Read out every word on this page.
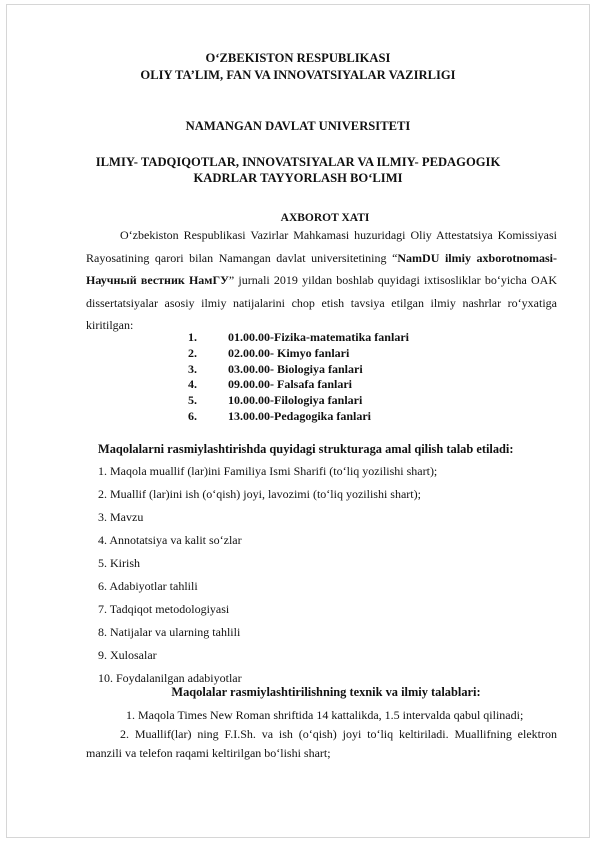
O‘ZBEKISTON RESPUBLIKASI
OLIY TA’LIM, FAN VA INNOVATSIYALAR VAZIRLIGI
NAMANGAN DAVLAT UNIVERSITETI
ILMIY- TADQIQOTLAR, INNOVATSIYALAR VA ILMIY- PEDAGOGIK
KADRLAR TAYYORLASH BO‘LIMI
AXBOROT XATI

O‘zbekiston Respublikasi Vazirlar Mahkamasi huzuridagi Oliy Attestatsiya Komissiyasi Rayosatining qarori bilan Namangan davlat universitetining “NamDU ilmiy axborotnomasi- Научный вестник НамГУ” jurnali 2019 yildan boshlab quyidagi ixtisosliklar bo‘yicha OAK dissertatsiyalar asosiy ilmiy natijalarini chop etish tavsiya etilgan ilmiy nashrlar ro‘yxatiga kiritilgan:

1.	01.00.00-Fizika-matematika fanlari
2.	02.00.00- Kimyo fanlari
3.	03.00.00- Biologiya fanlari
4.	09.00.00- Falsafa fanlari
5.	10.00.00-Filologiya fanlari
6.	13.00.00-Pedagogika fanlari
Maqolalarni rasmiylashtirishda quyidagi strukturaga amal qilish talab etiladi:
1. Maqola muallif (lar)ini Familiya Ismi Sharifi (to‘liq yozilishi shart);
2. Muallif (lar)ini ish (o‘qish) joyi, lavozimi (to‘liq yozilishi shart);
3. Mavzu
4. Annotatsiya va kalit so‘zlar
5. Kirish
6. Adabiyotlar tahlili
7. Tadqiqot metodologiyasi
8. Natijalar va ularning tahlili
9. Xulosalar
10. Foydalanilgan adabiyotlar
Maqolalar rasmiylashtirilishning texnik va ilmiy talablari:

1. Maqola Times New Roman shriftida 14 kattalikda, 1.5 intervalda qabul qilinadi;

2. Muallif(lar) ning F.I.Sh. va ish (o‘qish) joyi to‘liq keltiriladi. Muallifning elektron manzili va telefon raqami keltirilgan bo‘lishi shart;
